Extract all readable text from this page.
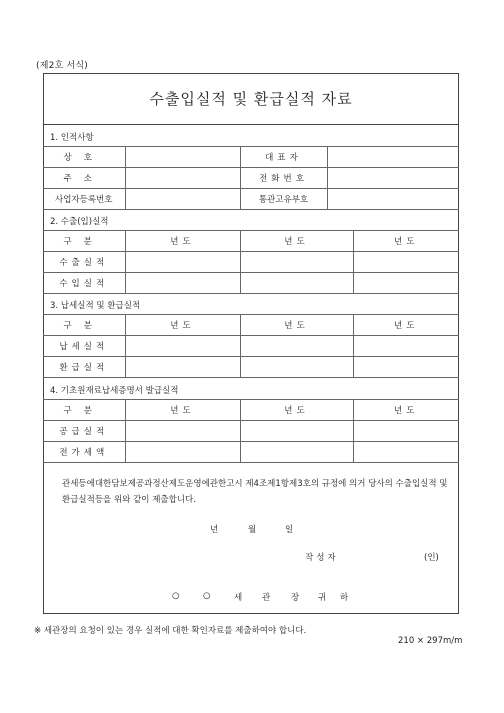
(제2호 서식)
수출입실적 및 환급실적 자료
1. 인적사항
상호		대표자	
주소		전화번호	
사업자등록번호		통관고유부호	
2. 수출(입)실적
구분	년도	년도	년도
수출실적			
수입실적			
3. 납세실적 및 환급실적
구분	년도	년도	년도
납세실적			
환급실적			
4. 기초원재료납세증명서 발급실적
구분	년도	년도	년도
공급실적			
전가세액			
관세등에대한담보제공과정산제도운영에관한고시 제4조제1항제3호의 규정에 의거 당사의 수출입실적 및 환급실적등을 위와 같이 제출합니다.
년	월	일
작성자	(인)
○	○	세 관 장 귀 하
※ 세관장의 요청이 있는 경우 실적에 대한 확인자료를 제출하여야 합니다.
210 × 297m/m
